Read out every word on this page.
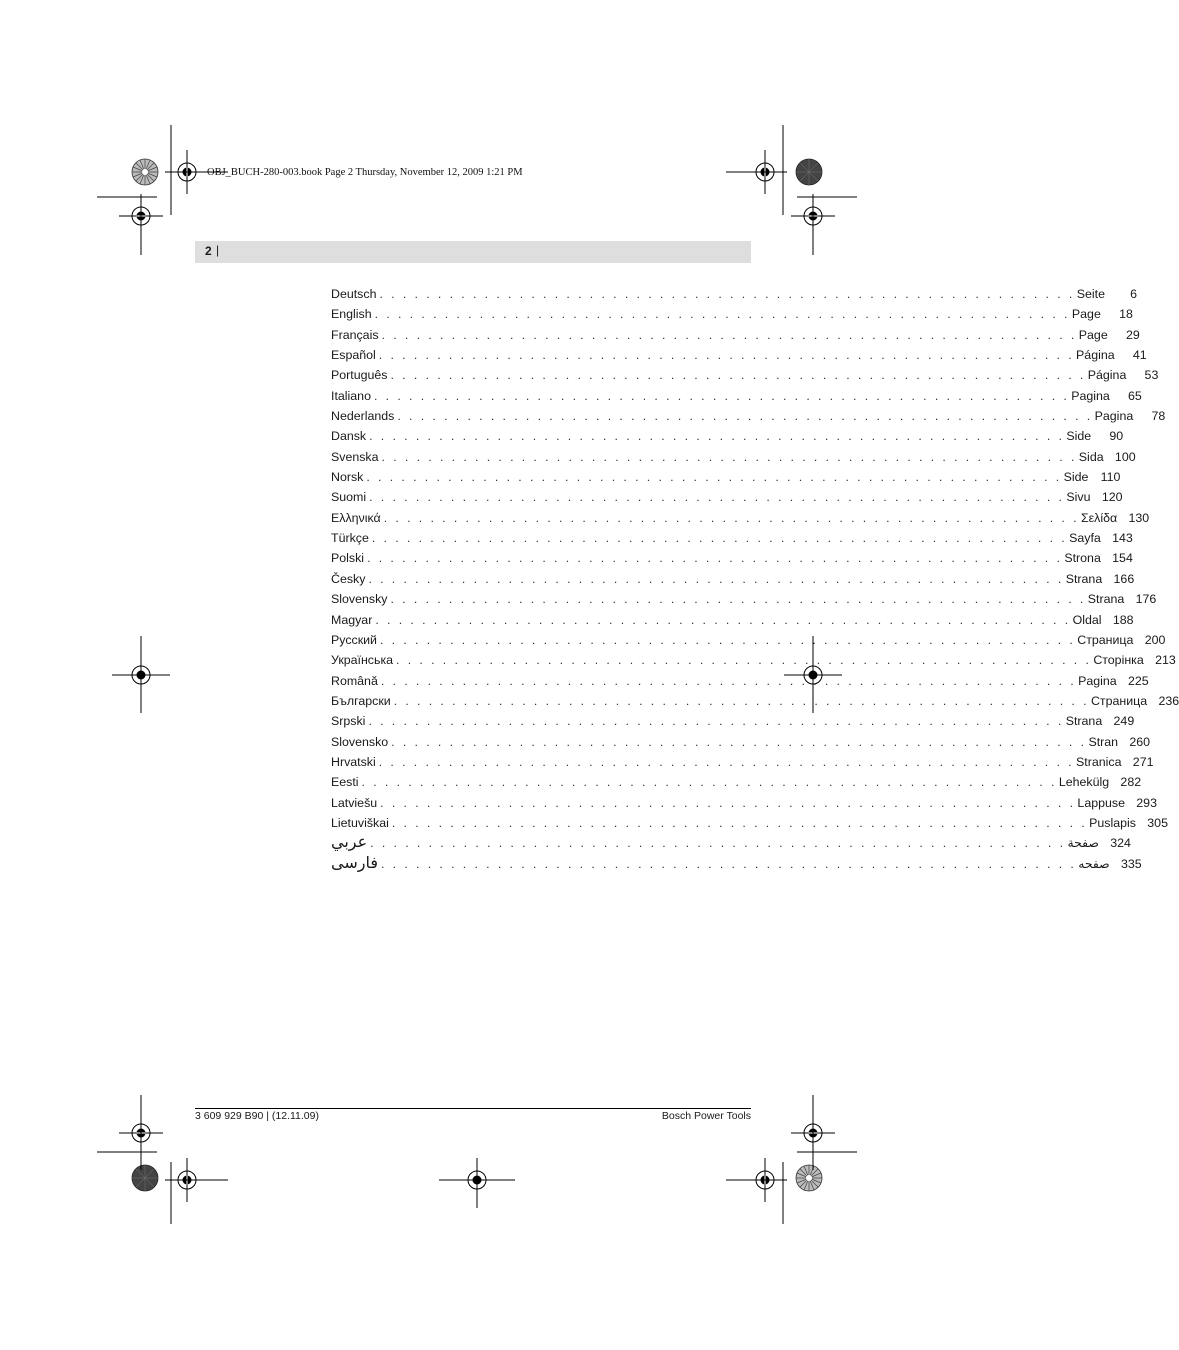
OBJ_BUCH-280-003.book Page 2 Thursday, November 12, 2009 1:21 PM
2 |
Deutsch . . . . . . . . . . . . . . . . . . . . . . . . . . . . . . . . . . . . . . . . . . . . . . . . . . . . . . . . . . . . Seite	6
English . . . . . . . . . . . . . . . . . . . . . . . . . . . . . . . . . . . . . . . . . . . . . . . . . . . . . . . . . . . . Page	18
Français . . . . . . . . . . . . . . . . . . . . . . . . . . . . . . . . . . . . . . . . . . . . . . . . . . . . . . . . . . . . Page	29
Español . . . . . . . . . . . . . . . . . . . . . . . . . . . . . . . . . . . . . . . . . . . . . . . . . . . . . . . . . . . . Página	41
Português . . . . . . . . . . . . . . . . . . . . . . . . . . . . . . . . . . . . . . . . . . . . . . . . . . . . . . . . . . . . Página	53
Italiano . . . . . . . . . . . . . . . . . . . . . . . . . . . . . . . . . . . . . . . . . . . . . . . . . . . . . . . . . . . . Pagina	65
Nederlands . . . . . . . . . . . . . . . . . . . . . . . . . . . . . . . . . . . . . . . . . . . . . . . . . . . . . . . . . . . . Pagina	78
Dansk . . . . . . . . . . . . . . . . . . . . . . . . . . . . . . . . . . . . . . . . . . . . . . . . . . . . . . . . . . . . Side	90
Svenska . . . . . . . . . . . . . . . . . . . . . . . . . . . . . . . . . . . . . . . . . . . . . . . . . . . . . . . . . . . . Sida 100
Norsk . . . . . . . . . . . . . . . . . . . . . . . . . . . . . . . . . . . . . . . . . . . . . . . . . . . . . . . . . . . . Side 110
Suomi . . . . . . . . . . . . . . . . . . . . . . . . . . . . . . . . . . . . . . . . . . . . . . . . . . . . . . . . . . . . Sivu 120
Ελληνικά . . . . . . . . . . . . . . . . . . . . . . . . . . . . . . . . . . . . . . . . . . . . . . . . . . . . . . . . . . . . Σελίδα 130
Türkçe . . . . . . . . . . . . . . . . . . . . . . . . . . . . . . . . . . . . . . . . . . . . . . . . . . . . . . . . . . . . Sayfa 143
Polski . . . . . . . . . . . . . . . . . . . . . . . . . . . . . . . . . . . . . . . . . . . . . . . . . . . . . . . . . . . . Strona 154
Česky . . . . . . . . . . . . . . . . . . . . . . . . . . . . . . . . . . . . . . . . . . . . . . . . . . . . . . . . . . . . Strana 166
Slovensky . . . . . . . . . . . . . . . . . . . . . . . . . . . . . . . . . . . . . . . . . . . . . . . . . . . . . . . . . . . . Strana 176
Magyar . . . . . . . . . . . . . . . . . . . . . . . . . . . . . . . . . . . . . . . . . . . . . . . . . . . . . . . . . . . . Oldal 188
Русский . . . . . . . . . . . . . . . . . . . . . . . . . . . . . . . . . . . . . . . . . . . . . . . . . . . . . . . . . . . . Страница 200
Українська . . . . . . . . . . . . . . . . . . . . . . . . . . . . . . . . . . . . . . . . . . . . . . . . . . . . . . . . . . . . Сторінка 213
Română . . . . . . . . . . . . . . . . . . . . . . . . . . . . . . . . . . . . . . . . . . . . . . . . . . . . . . . . . . . . Pagina 225
Български . . . . . . . . . . . . . . . . . . . . . . . . . . . . . . . . . . . . . . . . . . . . . . . . . . . . . . . . . . . . Страница 236
Srpski . . . . . . . . . . . . . . . . . . . . . . . . . . . . . . . . . . . . . . . . . . . . . . . . . . . . . . . . . . . . Strana 249
Slovensko . . . . . . . . . . . . . . . . . . . . . . . . . . . . . . . . . . . . . . . . . . . . . . . . . . . . . . . . . . . . Stran 260
Hrvatski . . . . . . . . . . . . . . . . . . . . . . . . . . . . . . . . . . . . . . . . . . . . . . . . . . . . . . . . . . . . Stranica 271
Eesti . . . . . . . . . . . . . . . . . . . . . . . . . . . . . . . . . . . . . . . . . . . . . . . . . . . . . . . . . . . . Lehekülg 282
Latviešu . . . . . . . . . . . . . . . . . . . . . . . . . . . . . . . . . . . . . . . . . . . . . . . . . . . . . . . . . . . . Lappuse 293
Lietuviškai . . . . . . . . . . . . . . . . . . . . . . . . . . . . . . . . . . . . . . . . . . . . . . . . . . . . . . . . . . . . Puslapis 305
عربي . . . . . . . . . . . . . . . . . . . . . . . . . . . . . . . . . . . . . . . . . . . . . . . . . . . . . . . . . . . . صفحة 324
فارسی . . . . . . . . . . . . . . . . . . . . . . . . . . . . . . . . . . . . . . . . . . . . . . . . . . . . . . . . . . . . صفحه 335
3 609 929 B90 | (12.11.09)	Bosch Power Tools
